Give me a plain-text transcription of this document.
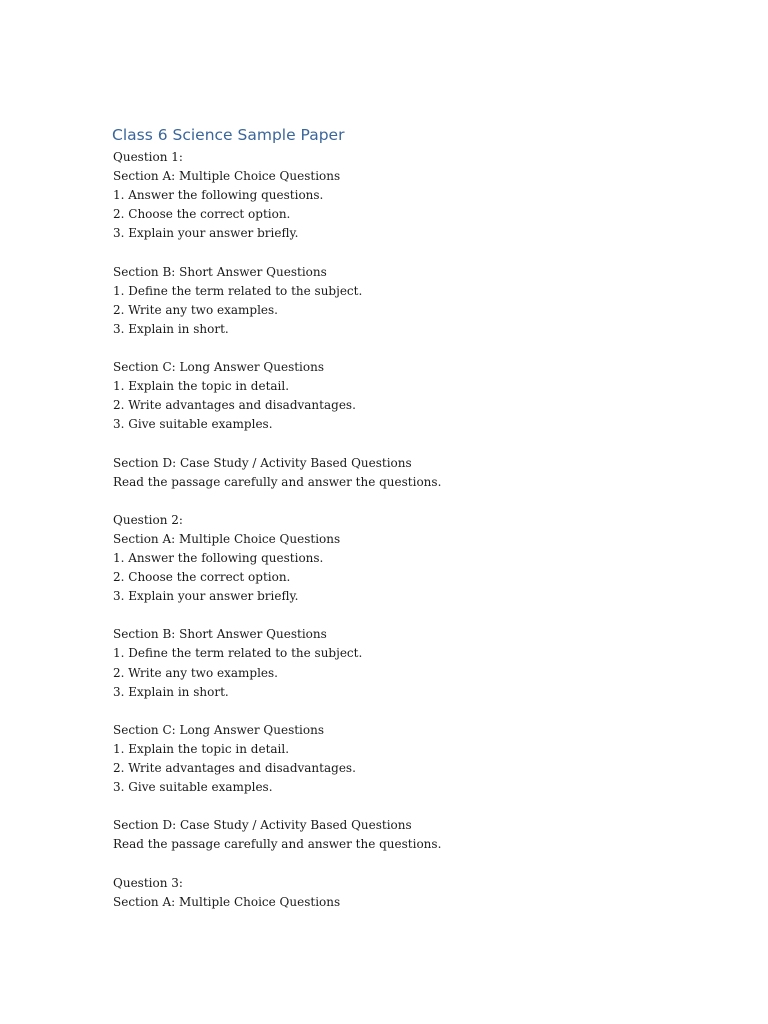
Class 6 Science Sample Paper
Question 1:
Section A: Multiple Choice Questions
1. Answer the following questions.
2. Choose the correct option.
3. Explain your answer briefly.
Section B: Short Answer Questions
1. Define the term related to the subject.
2. Write any two examples.
3. Explain in short.
Section C: Long Answer Questions
1. Explain the topic in detail.
2. Write advantages and disadvantages.
3. Give suitable examples.
Section D: Case Study / Activity Based Questions
Read the passage carefully and answer the questions.
Question 2:
Section A: Multiple Choice Questions
1. Answer the following questions.
2. Choose the correct option.
3. Explain your answer briefly.
Section B: Short Answer Questions
1. Define the term related to the subject.
2. Write any two examples.
3. Explain in short.
Section C: Long Answer Questions
1. Explain the topic in detail.
2. Write advantages and disadvantages.
3. Give suitable examples.
Section D: Case Study / Activity Based Questions
Read the passage carefully and answer the questions.
Question 3:
Section A: Multiple Choice Questions
